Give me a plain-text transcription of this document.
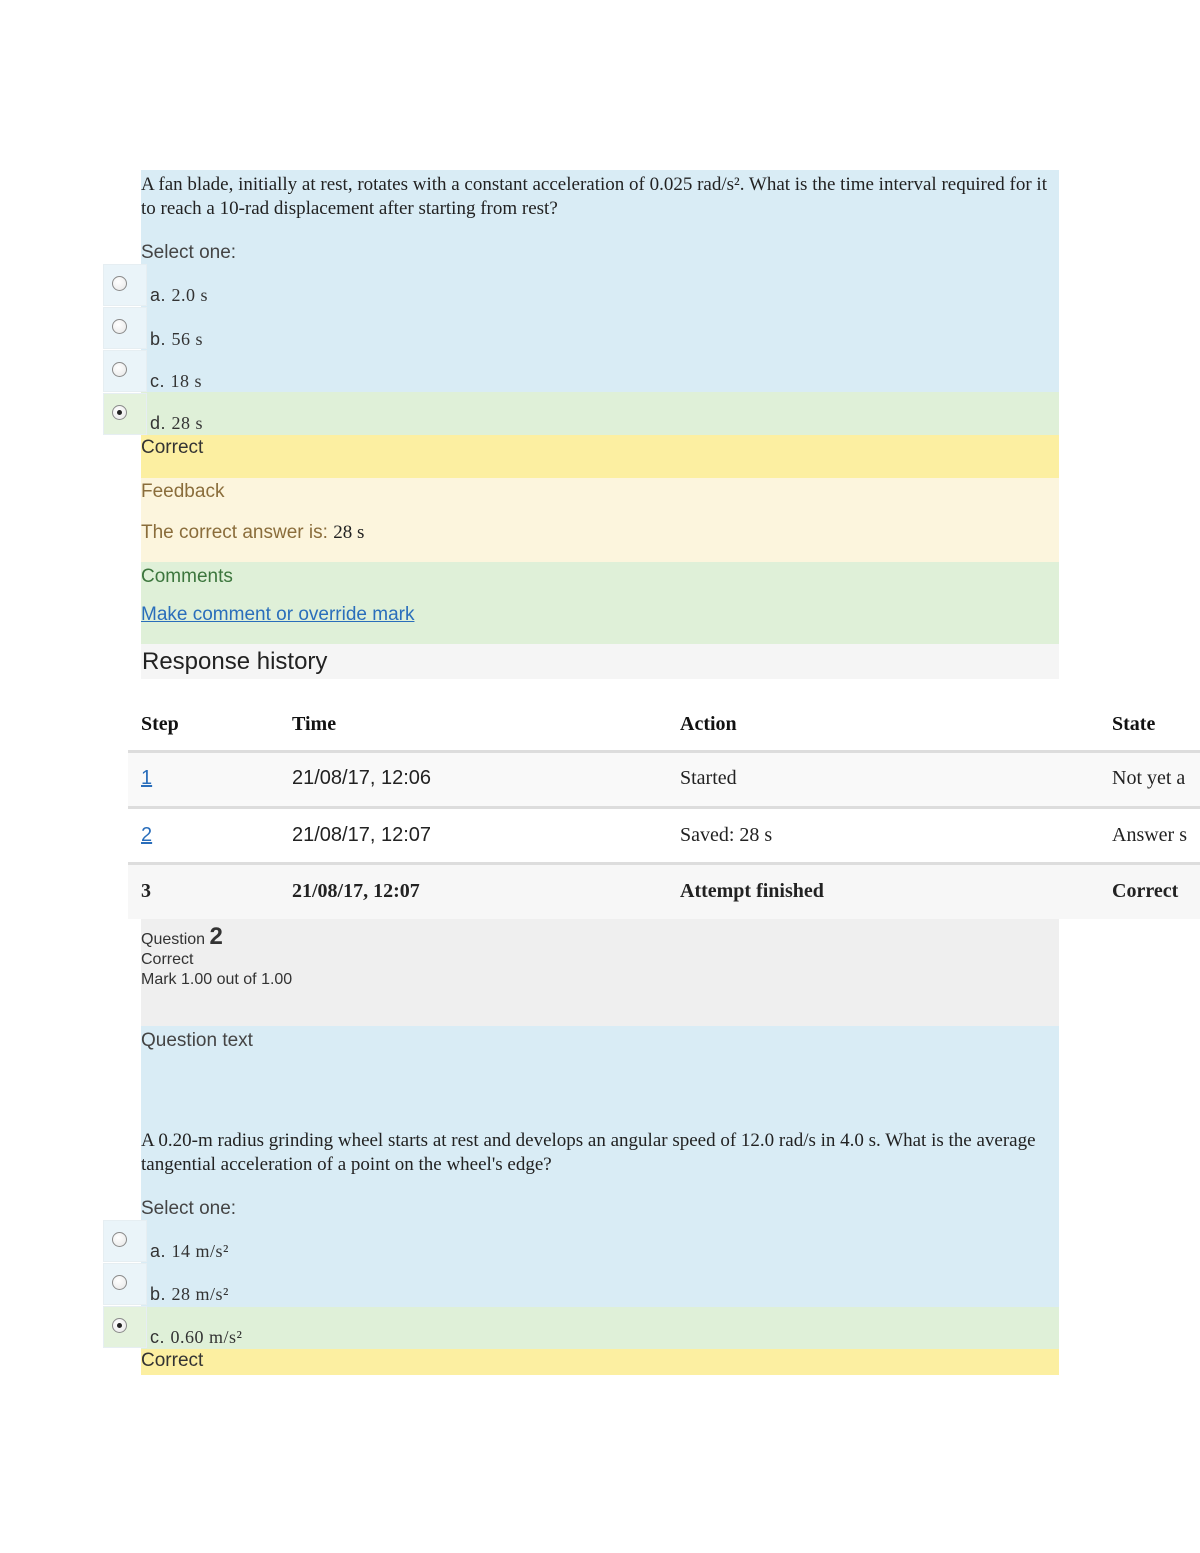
A fan blade, initially at rest, rotates with a constant acceleration of 0.025 rad/s². What is the time interval required for it to reach a 10-rad displacement after starting from rest?
Select one:
a. 2.0 s
b. 56 s
c. 18 s
d. 28 s
Correct
Feedback
The correct answer is: 28 s
Comments
Make comment or override mark
Response history
Step	Time	Action	State
1	21/08/17, 12:06	Started	Not yet a
2	21/08/17, 12:07	Saved: 28 s	Answer s
3	21/08/17, 12:07	Attempt finished	Correct
Question 2
Correct
Mark 1.00 out of 1.00
Question text
A 0.20-m radius grinding wheel starts at rest and develops an angular speed of 12.0 rad/s in 4.0 s. What is the average tangential acceleration of a point on the wheel's edge?
Select one:
a. 14 m/s²
b. 28 m/s²
c. 0.60 m/s²
Correct
